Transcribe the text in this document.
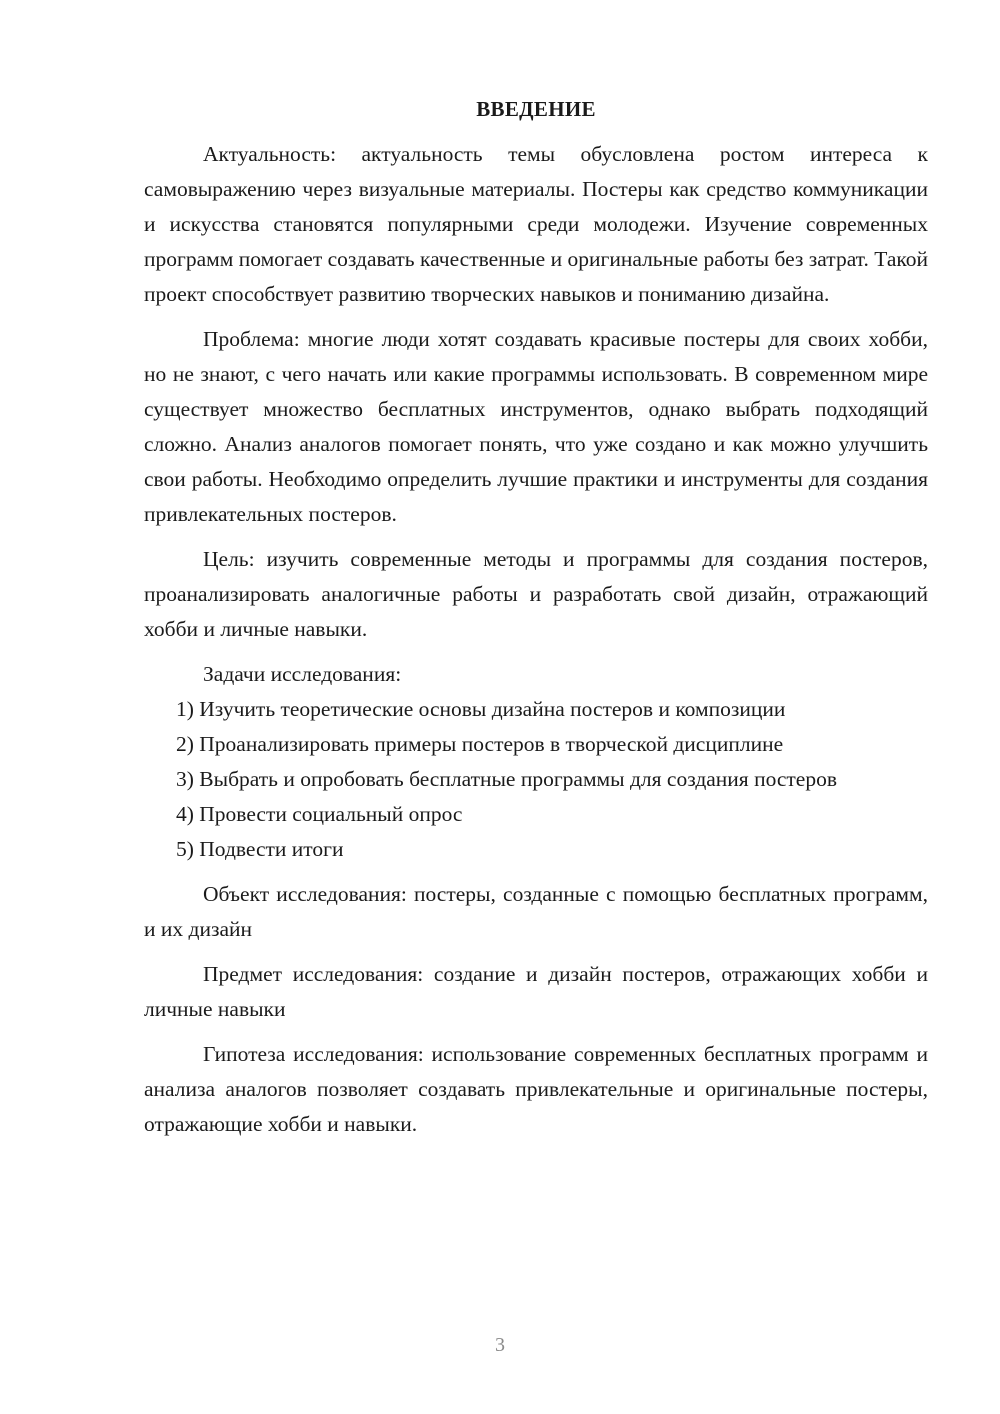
ВВЕДЕНИЕ

Актуальность: актуальность темы обусловлена ростом интереса к самовыражению через визуальные материалы. Постеры как средство коммуникации и искусства становятся популярными среди молодежи. Изучение современных программ помогает создавать качественные и оригинальные работы без затрат. Такой проект способствует развитию творческих навыков и пониманию дизайна.

Проблема: многие люди хотят создавать красивые постеры для своих хобби, но не знают, с чего начать или какие программы использовать. В современном мире существует множество бесплатных инструментов, однако выбрать подходящий сложно. Анализ аналогов помогает понять, что уже создано и как можно улучшить свои работы. Необходимо определить лучшие практики и инструменты для создания привлекательных постеров.

Цель: изучить современные методы и программы для создания постеров, проанализировать аналогичные работы и разработать свой дизайн, отражающий хобби и личные навыки.

Задачи исследования:

1) Изучить теоретические основы дизайна постеров и композиции

2) Проанализировать примеры постеров в творческой дисциплине

3) Выбрать и опробовать бесплатные программы для создания постеров

4) Провести социальный опрос

5) Подвести итоги

Объект исследования: постеры, созданные с помощью бесплатных программ, и их дизайн

Предмет исследования: создание и дизайн постеров, отражающих хобби и личные навыки

Гипотеза исследования: использование современных бесплатных программ и анализа аналогов позволяет создавать привлекательные и оригинальные постеры, отражающие хобби и навыки.

3
